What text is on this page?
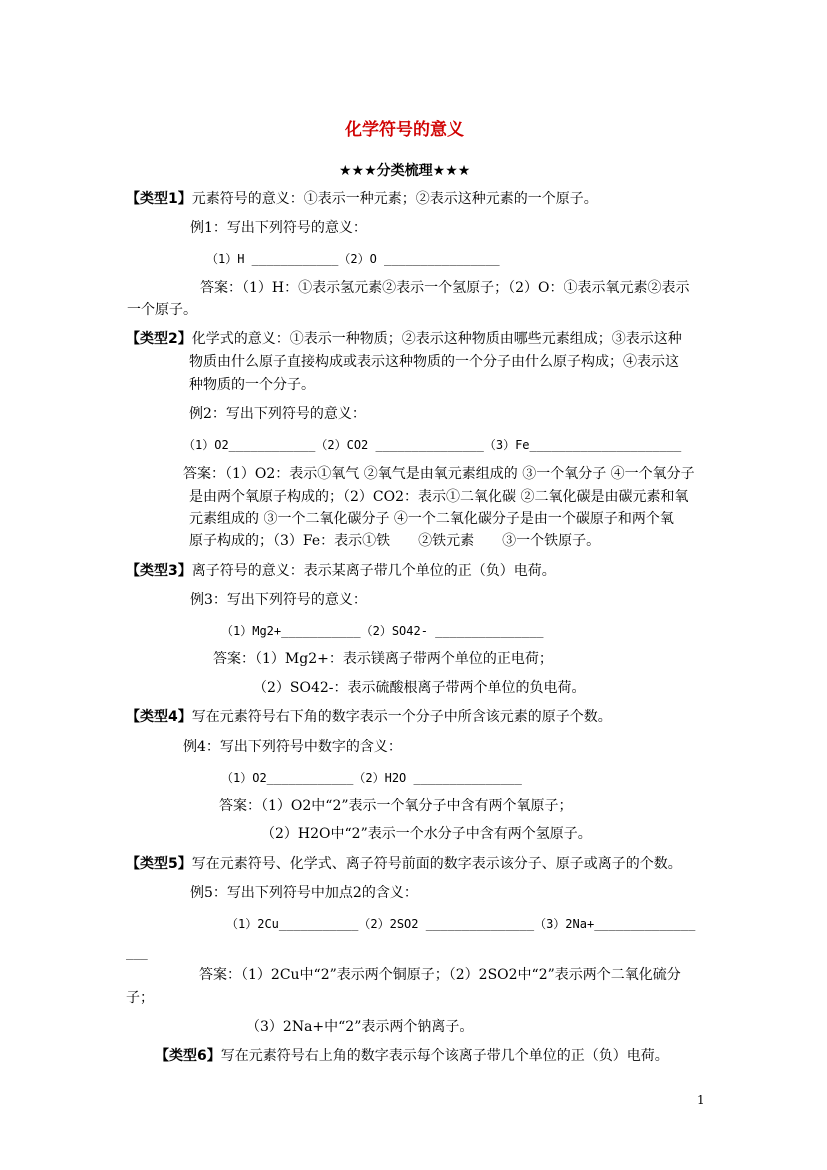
化学符号的意义
★★★分类梳理★★★
【类型1】元素符号的意义：①表示一种元素；②表示这种元素的一个原子。
例1：写出下列符号的意义：
（1）H ____________（2）O ________________
答案：（1）H：①表示氢元素②表示一个氢原子；（2）O：①表示氧元素②表示
一个原子。
【类型2】化学式的意义：①表示一种物质；②表示这种物质由哪些元素组成；③表示这种
物质由什么原子直接构成或表示这种物质的一个分子由什么原子构成；④表示这
种物质的一个分子。
例2：写出下列符号的意义：
（1）O2____________（2）CO2 _______________（3）Fe_____________________
答案：（1）O2：表示①氧气 ②氧气是由氧元素组成的 ③一个氧分子 ④一个氧分子
是由两个氧原子构成的；（2）CO2：表示①二氧化碳 ②二氧化碳是由碳元素和氧
元素组成的 ③一个二氧化碳分子 ④一个二氧化碳分子是由一个碳原子和两个氧
原子构成的；（3）Fe：表示①铁　　②铁元素　　③一个铁原子。
【类型3】离子符号的意义：表示某离子带几个单位的正（负）电荷。
例3：写出下列符号的意义：
（1）Mg2+___________（2）SO42- _______________
答案：（1）Mg2+：表示镁离子带两个单位的正电荷；
（2）SO42-：表示硫酸根离子带两个单位的负电荷。
【类型4】写在元素符号右下角的数字表示一个分子中所含该元素的原子个数。
例4：写出下列符号中数字的含义：
（1）O2____________（2）H2O _______________
答案：（1）O2中“2”表示一个氧分子中含有两个氧原子；
（2）H2O中“2”表示一个水分子中含有两个氢原子。
【类型5】写在元素符号、化学式、离子符号前面的数字表示该分子、原子或离子的个数。
例5：写出下列符号中加点2的含义：
（1）2Cu___________（2）2SO2 _______________（3）2Na+______________
___
答案：（1）2Cu中“2”表示两个铜原子；（2）2SO2中“2”表示两个二氧化硫分
子；
（3）2Na+中“2”表示两个钠离子。
【类型6】写在元素符号右上角的数字表示每个该离子带几个单位的正（负）电荷。
1
